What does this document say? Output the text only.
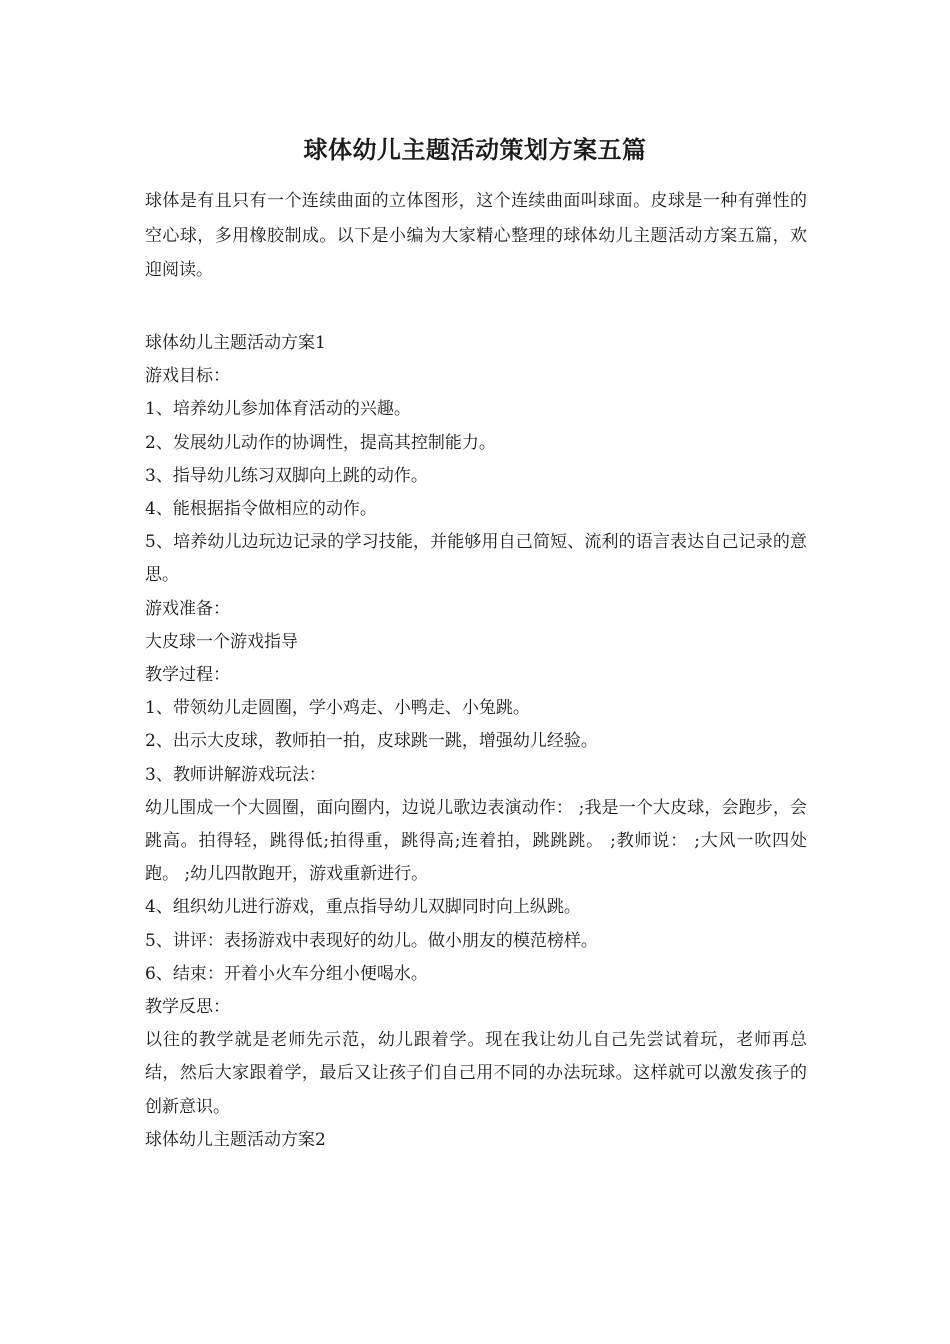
球体幼儿主题活动策划方案五篇
球体是有且只有一个连续曲面的立体图形，这个连续曲面叫球面。皮球是一种有弹性的空心球，多用橡胶制成。以下是小编为大家精心整理的球体幼儿主题活动方案五篇，欢迎阅读。

球体幼儿主题活动方案1

游戏目标：

1、培养幼儿参加体育活动的兴趣。

2、发展幼儿动作的协调性，提高其控制能力。

3、指导幼儿练习双脚向上跳的动作。

4、能根据指令做相应的动作。

5、培养幼儿边玩边记录的学习技能，并能够用自己简短、流利的语言表达自己记录的意思。

游戏准备：

大皮球一个游戏指导

教学过程：

1、带领幼儿走圆圈，学小鸡走、小鸭走、小兔跳。

2、出示大皮球，教师拍一拍，皮球跳一跳，增强幼儿经验。

3、教师讲解游戏玩法：

幼儿围成一个大圆圈，面向圈内，边说儿歌边表演动作： ;我是一个大皮球，会跑步，会跳高。拍得轻，跳得低;拍得重，跳得高;连着拍，跳跳跳。 ;教师说： ;大风一吹四处跑。 ;幼儿四散跑开，游戏重新进行。

4、组织幼儿进行游戏，重点指导幼儿双脚同时向上纵跳。

5、讲评：表扬游戏中表现好的幼儿。做小朋友的模范榜样。

6、结束：开着小火车分组小便喝水。

教学反思：

以往的教学就是老师先示范，幼儿跟着学。现在我让幼儿自己先尝试着玩，老师再总结，然后大家跟着学，最后又让孩子们自己用不同的办法玩球。这样就可以激发孩子的创新意识。

球体幼儿主题活动方案2
